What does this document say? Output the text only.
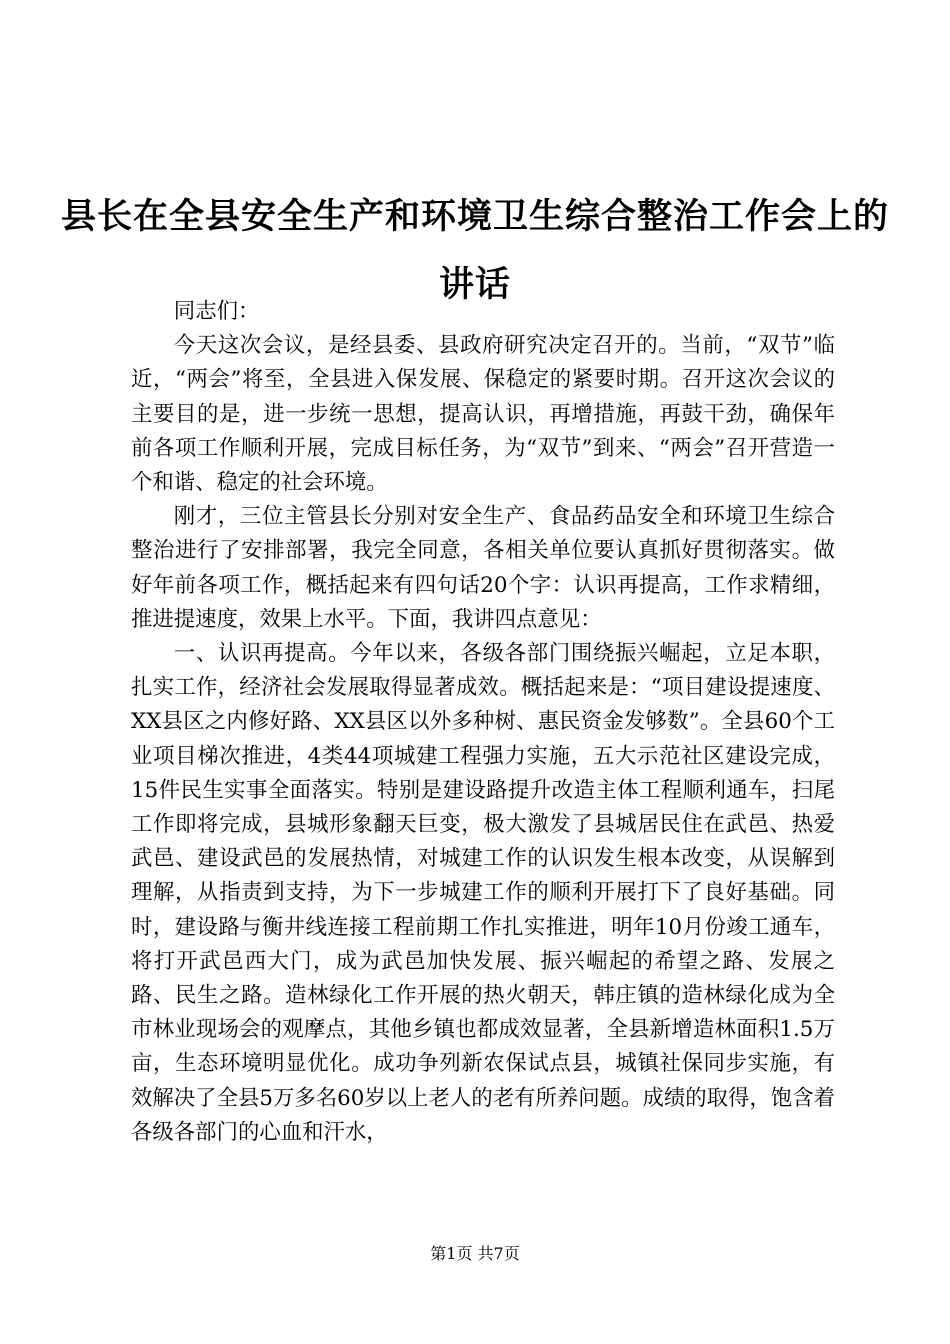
县长在全县安全生产和环境卫生综合整治工作会上的讲话

同志们：

今天这次会议，是经县委、县政府研究决定召开的。当前，“双节”临近，“两会”将至，全县进入保发展、保稳定的紧要时期。召开这次会议的主要目的是，进一步统一思想，提高认识，再增措施，再鼓干劲，确保年前各项工作顺利开展，完成目标任务，为“双节”到来、“两会”召开营造一个和谐、稳定的社会环境。

刚才，三位主管县长分别对安全生产、食品药品安全和环境卫生综合整治进行了安排部署，我完全同意，各相关单位要认真抓好贯彻落实。做好年前各项工作，概括起来有四句话20个字：认识再提高，工作求精细，推进提速度，效果上水平。下面，我讲四点意见：

一、认识再提高。今年以来，各级各部门围绕振兴崛起，立足本职，扎实工作，经济社会发展取得显著成效。概括起来是：“项目建设提速度、XX县区之内修好路、XX县区以外多种树、惠民资金发够数”。全县60个工业项目梯次推进，4类44项城建工程强力实施，五大示范社区建设完成，15件民生实事全面落实。特别是建设路提升改造主体工程顺利通车，扫尾工作即将完成，县城形象翻天巨变，极大激发了县城居民住在武邑、热爱武邑、建设武邑的发展热情，对城建工作的认识发生根本改变，从误解到理解，从指责到支持，为下一步城建工作的顺利开展打下了良好基础。同时，建设路与衡井线连接工程前期工作扎实推进，明年10月份竣工通车，将打开武邑西大门，成为武邑加快发展、振兴崛起的希望之路、发展之路、民生之路。造林绿化工作开展的热火朝天，韩庄镇的造林绿化成为全市林业现场会的观摩点，其他乡镇也都成效显著，全县新增造林面积1.5万亩，生态环境明显优化。成功争列新农保试点县，城镇社保同步实施，有效解决了全县5万多名60岁以上老人的老有所养问题。成绩的取得，饱含着各级各部门的心血和汗水，

第1页 共7页
